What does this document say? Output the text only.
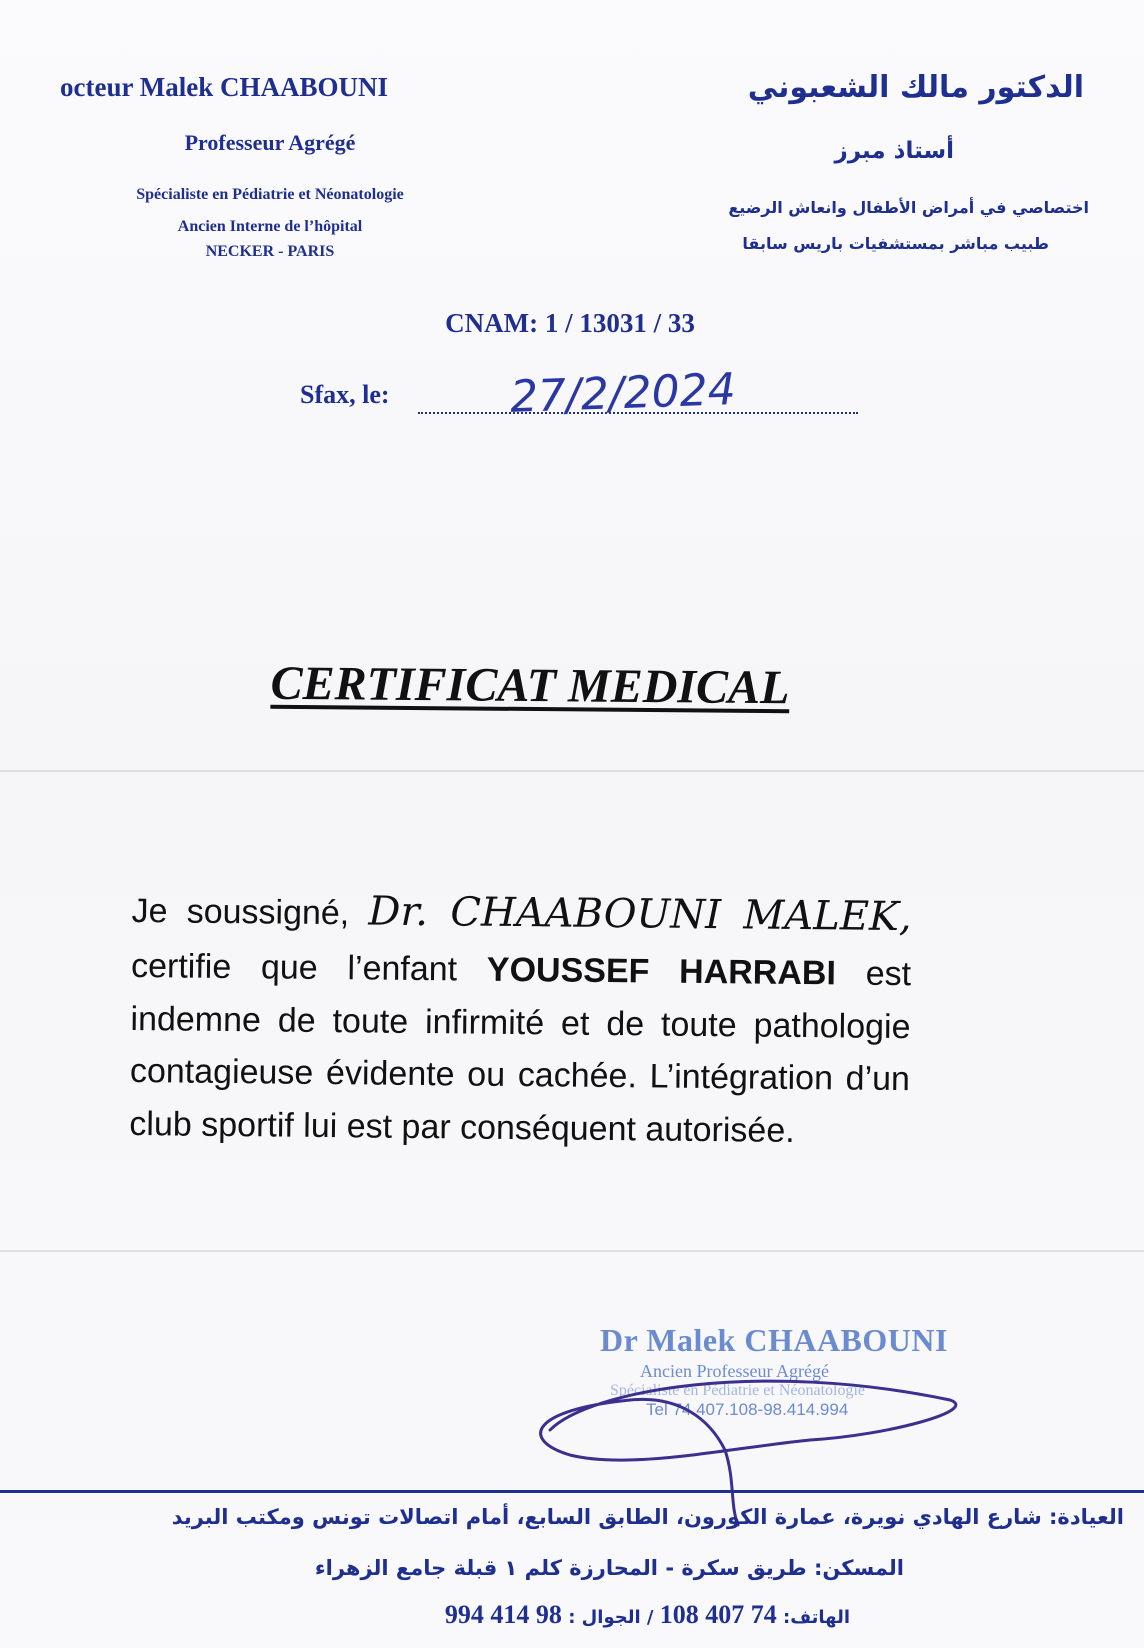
octeur Malek CHAABOUNI
Professeur Agrégé
Spécialiste en Pédiatrie et Néonatologie
Ancien Interne de l’hôpital
NECKER - PARIS
الدكتور مالك الشعبوني
أستاذ مبرز
اختصاصي في أمراض الأطفال وانعاش الرضيع
طبيب مباشر بمستشفيات باريس سابقا
CNAM: 1 / 13031 / 33
Sfax, le:	27/2/2024
CERTIFICAT MEDICAL
Je soussigné, Dr. CHAABOUNI MALEK, certifie que l’enfant YOUSSEF HARRABI est indemne de toute infirmité et de toute pathologie contagieuse évidente ou cachée. L’intégration d’un club sportif lui est par conséquent autorisée.
Dr Malek CHAABOUNI
Ancien Professeur Agrégé
Spécialiste en Pédiatrie et Néonatologie
Tel 74 407.108-98.414.994
العيادة: شارع الهادي نويرة، عمارة الكورون، الطابق السابع، أمام اتصالات تونس ومكتب البريد
المسكن: طريق سكرة - المحارزة كلم ١ قبلة جامع الزهراء
الهاتف: 74 407 108 / الجوال : 98 414 994
